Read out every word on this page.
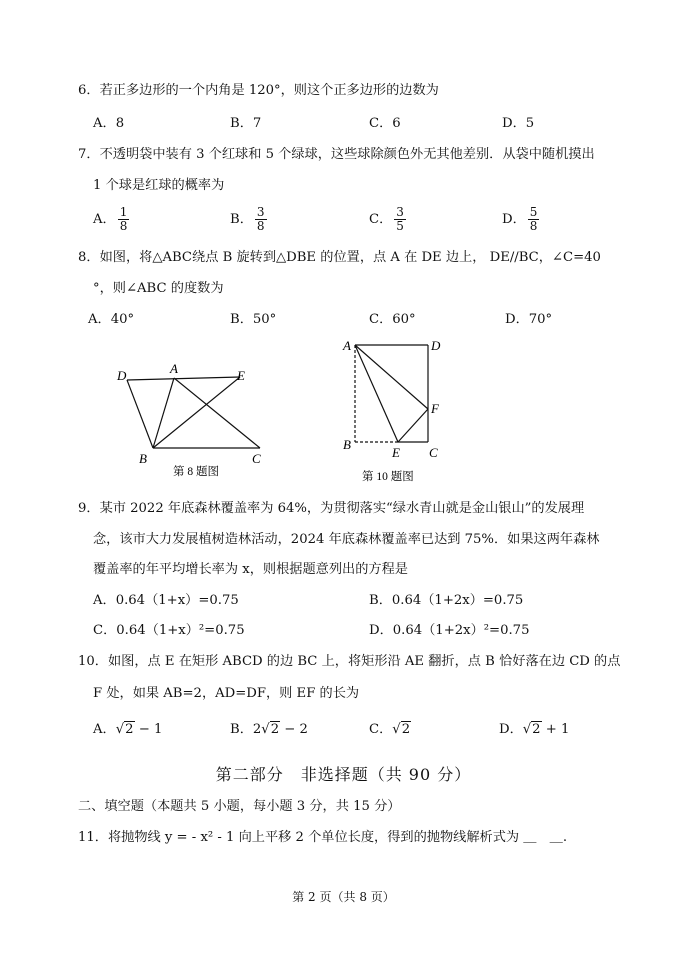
6．若正多边形的一个内角是 120°，则这个正多边形的边数为
A．8	B．7	C．6	D．5
7．不透明袋中装有 3 个红球和 5 个绿球，这些球除颜色外无其他差别．从袋中随机摸出
1 个球是红球的概率为
A． $\frac{1}{8}$	B． $\frac{3}{8}$	C． $\frac{3}{5}$	D． $\frac{5}{8}$
8．如图，将△ABC绕点 B 旋转到△DBE 的位置，点 A 在 DE 边上， DE//BC，∠C=40
°，则∠ABC 的度数为
A．40°	B．50°	C．60°	D．70°
D	A	E
B	C
第 8 题图
A	D
F
B
E C
第 10 题图
9．某市 2022 年底森林覆盖率为 64%，为贯彻落实“绿水青山就是金山银山”的发展理
念，该市大力发展植树造林活动，2024 年底森林覆盖率已达到 75%．如果这两年森林
覆盖率的年平均增长率为 x，则根据题意列出的方程是
A．0.64（1+x）=0.75	B．0.64（1+2x）=0.75
C．0.64（1+x）²=0.75	D．0.64（1+2x）²=0.75
10．如图，点 E 在矩形 ABCD 的边 BC 上，将矩形沿 AE 翻折，点 B 恰好落在边 CD 的点
F 处，如果 AB=2，AD=DF，则 EF 的长为
A．√2 − 1	B．2√2 − 2	C．√2	D．√2 + 1
第二部分　非选择题（共 90 分）
二、填空题（本题共 5 小题，每小题 3 分，共 15 分）
11．将抛物线 y = - x² - 1 向上平移 2 个单位长度，得到的抛物线解析式为 ＿　＿.
第 2 页（共 8 页）
